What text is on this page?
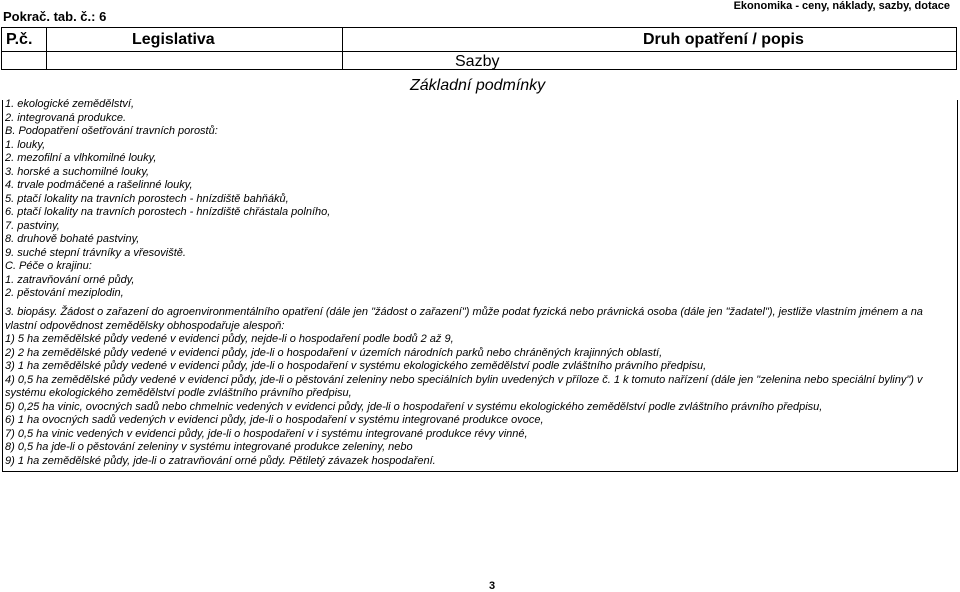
Pokrač. tab. č.: 6
Ekonomika - ceny, náklady, sazby, dotace
P.č.	Legislativa	Druh opatření / popis

Sazby
Základní podmínky
1. ekologické zemědělství,
2. integrovaná produkce.
B. Podopatření ošetřování travních porostů:
1. louky,
2. mezofilní a vlhkomilné louky,
3. horské a suchomilné louky,
4. trvale podmáčené a rašelinné louky,
5. ptačí lokality na travních porostech - hnízdiště bahňáků,
6. ptačí lokality na travních porostech - hnízdiště chřástala polního,
7. pastviny,
8. druhově bohaté pastviny,
9. suché stepní trávníky a vřesoviště.
C. Péče o krajinu:
1. zatravňování orné půdy,
2. pěstování meziplodin,
3. biopásy. Žádost o zařazení do agroenvironmentálního opatření (dále jen "žádost o zařazení") může podat fyzická nebo právnická osoba (dále jen "žadatel"), jestliže vlastním jménem a na vlastní odpovědnost zemědělsky obhospodařuje alespoň:
1) 5 ha zemědělské půdy vedené v evidenci půdy, nejde-li o hospodaření podle bodů 2 až 9,
2) 2 ha zemědělské půdy vedené v evidenci půdy, jde-li o hospodaření v územích národních parků nebo chráněných krajinných oblastí,
3) 1 ha zemědělské půdy vedené v evidenci půdy, jde-li o hospodaření v systému ekologického zemědělství podle zvláštního právního předpisu,
4) 0,5 ha zemědělské půdy vedené v evidenci půdy, jde-li o pěstování zeleniny nebo speciálních bylin uvedených v příloze č. 1 k tomuto nařízení (dále jen "zelenina nebo speciální byliny") v systému ekologického zemědělství podle zvláštního právního předpisu,
5) 0,25 ha vinic, ovocných sadů nebo chmelnic vedených v evidenci půdy, jde-li o hospodaření v systému ekologického zemědělství podle zvláštního právního předpisu,
6) 1 ha ovocných sadů vedených v evidenci půdy, jde-li o hospodaření v systému integrované produkce ovoce,
7) 0,5 ha vinic vedených v evidenci půdy, jde-li o hospodaření v i systému integrované produkce révy vinné,
8) 0,5 ha jde-li o pěstování zeleniny v systému integrované produkce zeleniny, nebo
9) 1 ha zemědělské půdy, jde-li o zatravňování orné půdy. Pětiletý závazek hospodaření.
3
